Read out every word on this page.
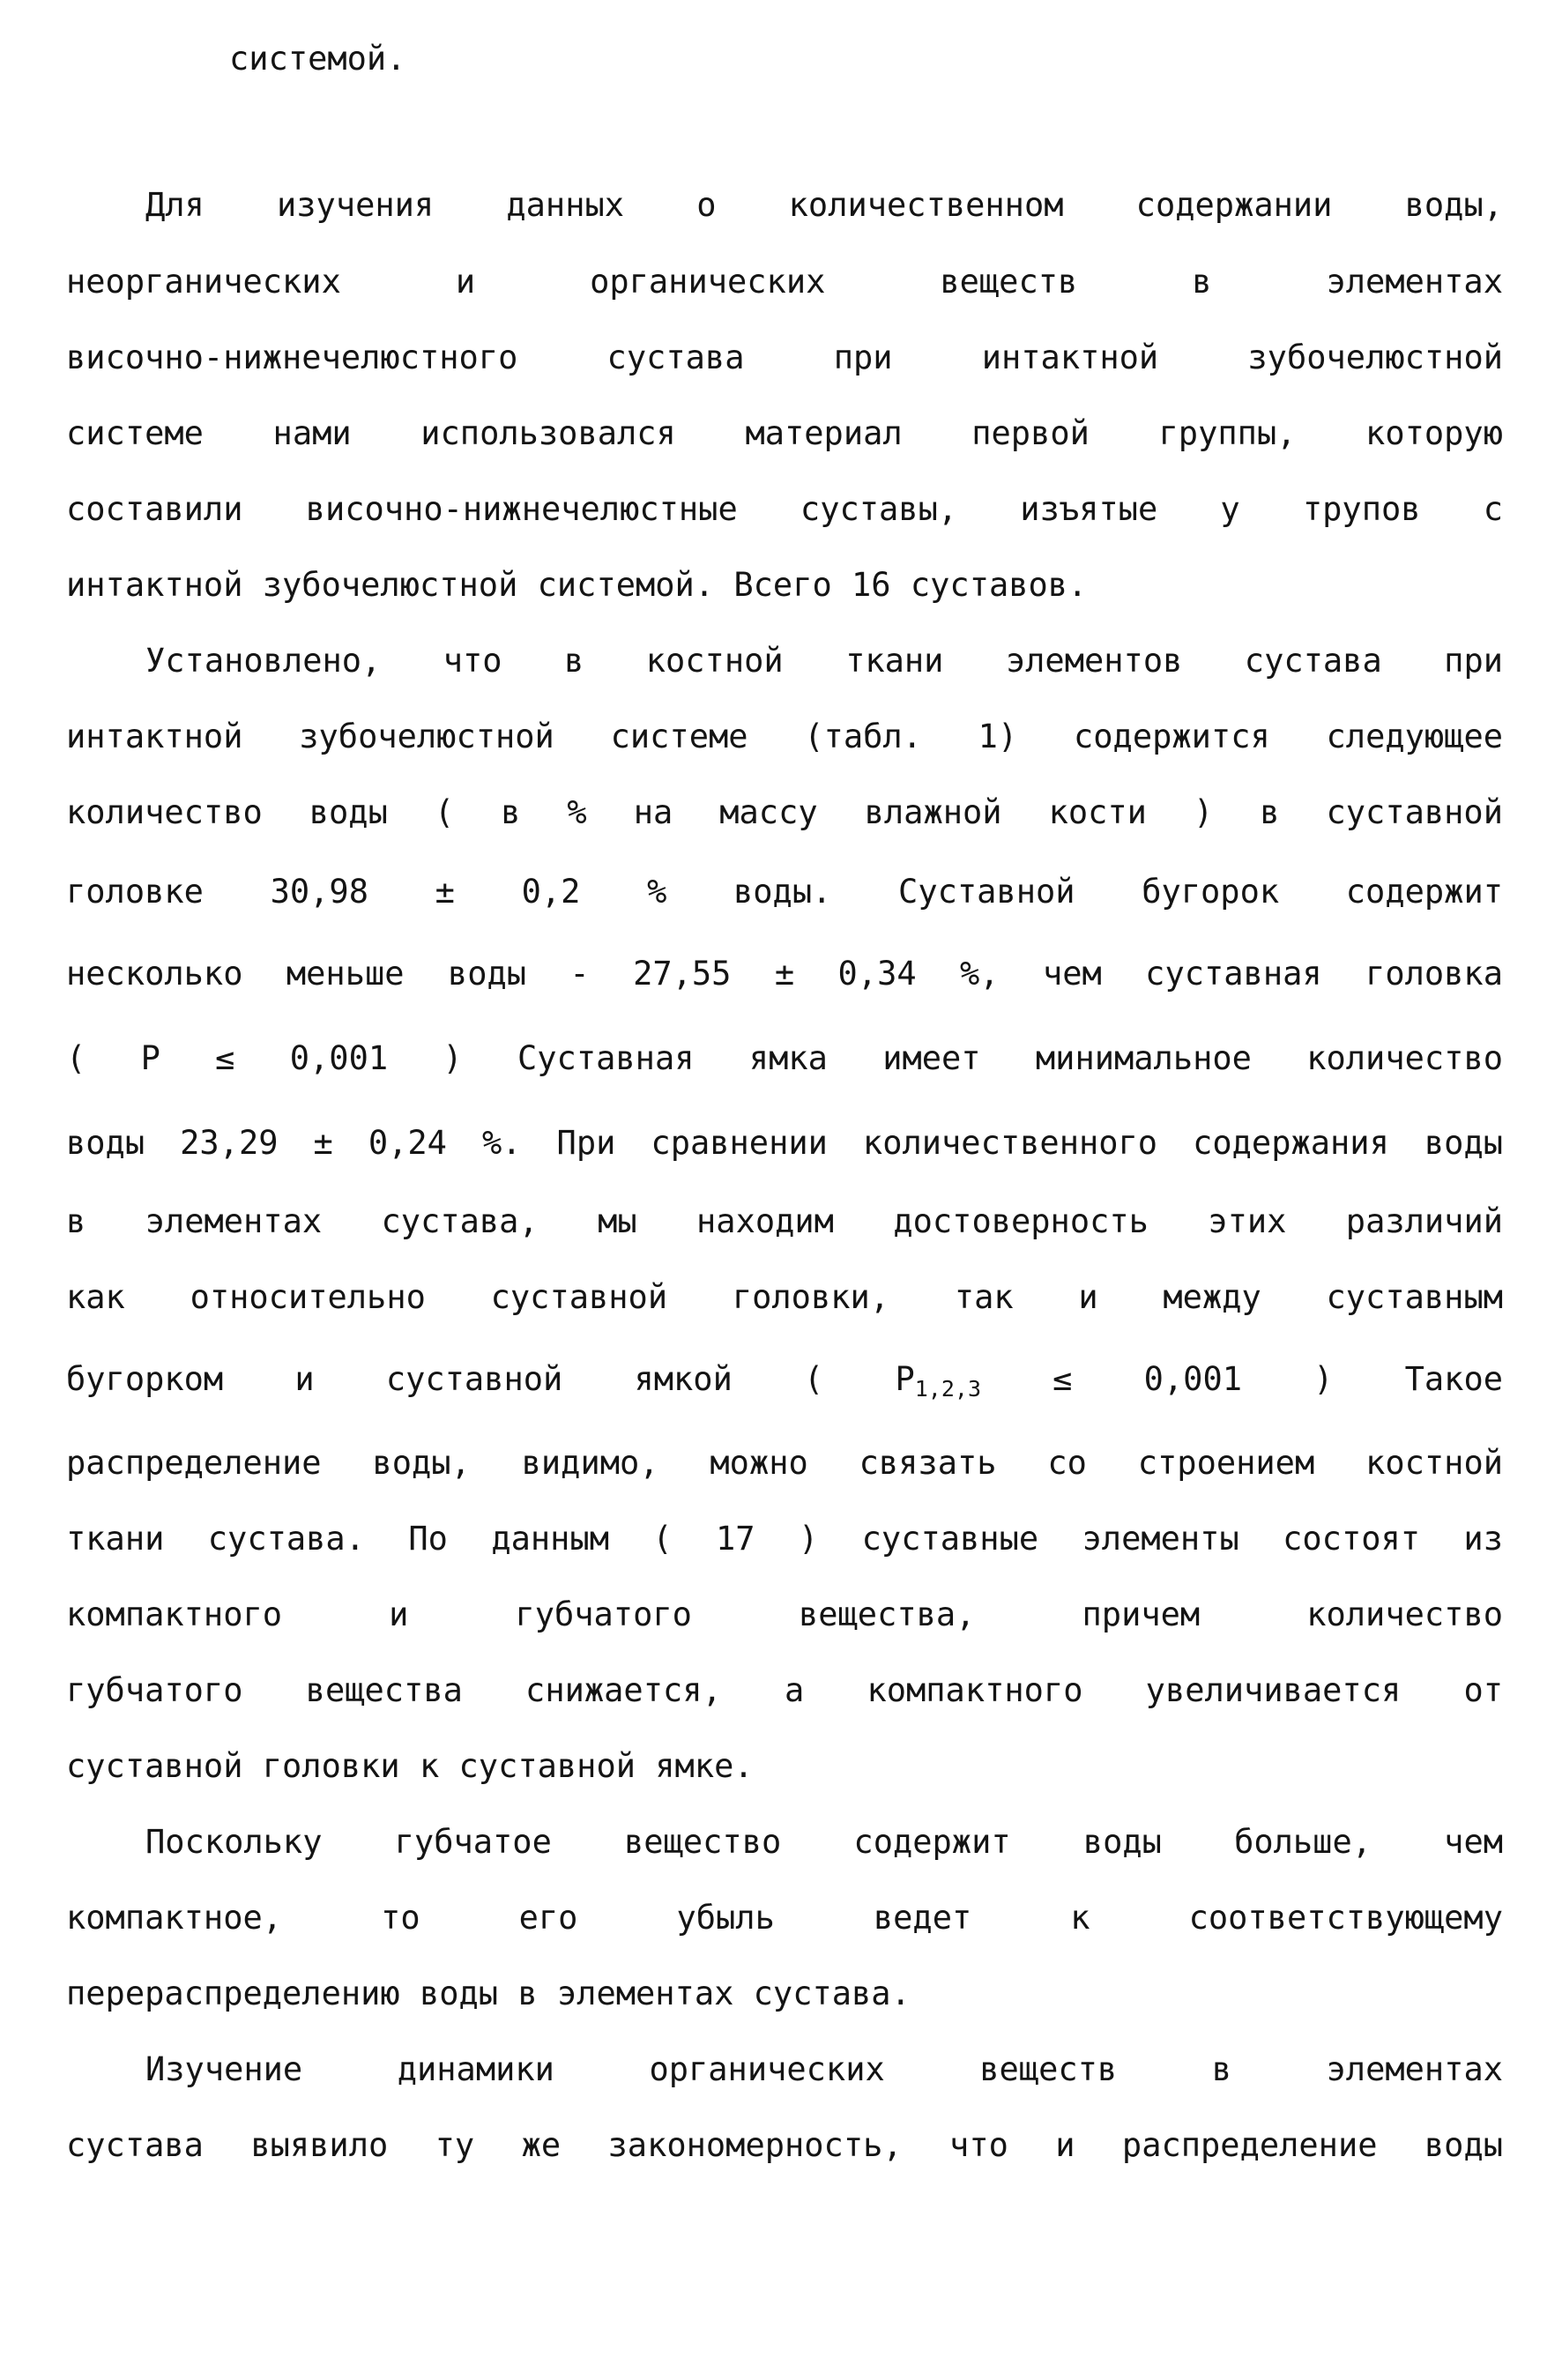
системой.
Для изучения данных о количественном содержании воды,
неорганических и органических веществ в элементах
височно-нижнечелюстного сустава при интактной зубочелюстной
системе нами использовался материал первой группы, которую
составили височно-нижнечелюстные суставы, изъятые у трупов с
интактной зубочелюстной системой. Всего 16 суставов.
Установлено, что в костной ткани элементов сустава при
интактной зубочелюстной системе (табл. 1) содержится следующее
количество воды ( в % на массу влажной кости ) в суставной
головке 30,98 ± 0,2 % воды. Суставной бугорок содержит
несколько меньше воды - 27,55 ± 0,34 %, чем суставная головка
( P ≤ 0,001 ) Суставная ямка имеет минимальное количество
воды 23,29 ± 0,24 %. При сравнении количественного содержания воды
в элементах сустава, мы находим достоверность этих различий
как относительно суставной головки, так и между суставным
бугорком и суставной ямкой ( $P_{1,2,3} \le 0,001$ ) Такое
распределение воды, видимо, можно связать со строением костной
ткани сустава. По данным ( 17 ) суставные элементы состоят из
компактного и губчатого вещества, причем количество
губчатого вещества снижается, а компактного увеличивается от
суставной головки к суставной ямке.
Поскольку губчатое вещество содержит воды больше, чем
компактное, то его убыль ведет к соответствующему
перераспределению воды в элементах сустава.
Изучение динамики органических веществ в элементах
сустава выявило ту же закономерность, что и распределение воды
